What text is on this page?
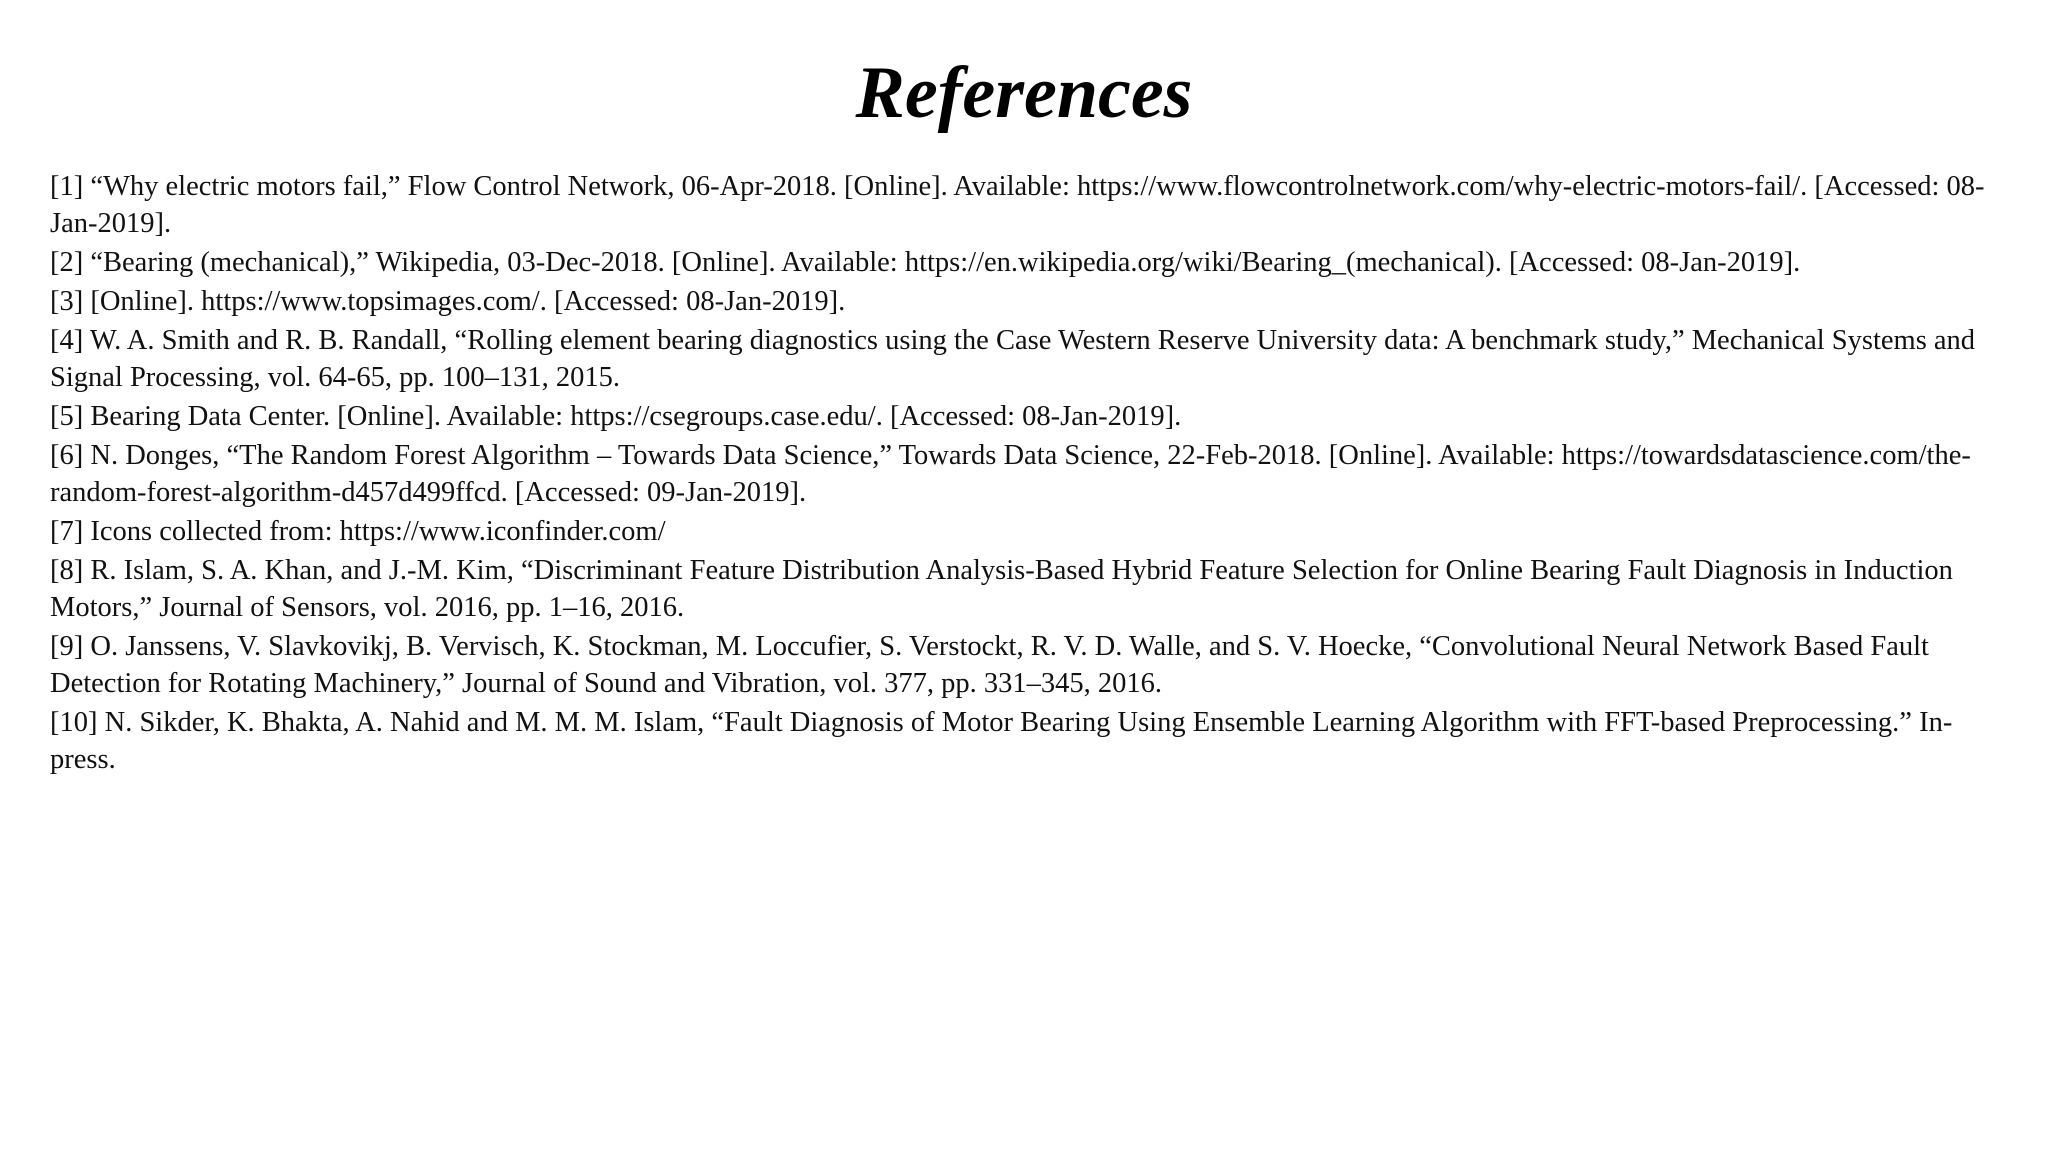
References
[1] “Why electric motors fail,” Flow Control Network, 06-Apr-2018. [Online]. Available: https://www.flowcontrolnetwork.com/why-electric-motors-fail/. [Accessed: 08-Jan-2019].
[2] “Bearing (mechanical),” Wikipedia, 03-Dec-2018. [Online]. Available: https://en.wikipedia.org/wiki/Bearing_(mechanical). [Accessed: 08-Jan-2019].
[3] [Online]. https://www.topsimages.com/. [Accessed: 08-Jan-2019].
[4] W. A. Smith and R. B. Randall, “Rolling element bearing diagnostics using the Case Western Reserve University data: A benchmark study,” Mechanical Systems and Signal Processing, vol. 64-65, pp. 100–131, 2015.
[5] Bearing Data Center. [Online]. Available: https://csegroups.case.edu/. [Accessed: 08-Jan-2019].
[6] N. Donges, “The Random Forest Algorithm – Towards Data Science,” Towards Data Science, 22-Feb-2018. [Online]. Available: https://towardsdatascience.com/the-random-forest-algorithm-d457d499ffcd. [Accessed: 09-Jan-2019].
[7] Icons collected from: https://www.iconfinder.com/
[8] R. Islam, S. A. Khan, and J.-M. Kim, “Discriminant Feature Distribution Analysis-Based Hybrid Feature Selection for Online Bearing Fault Diagnosis in Induction Motors,” Journal of Sensors, vol. 2016, pp. 1–16, 2016.
[9] O. Janssens, V. Slavkovikj, B. Vervisch, K. Stockman, M. Loccufier, S. Verstockt, R. V. D. Walle, and S. V. Hoecke, “Convolutional Neural Network Based Fault Detection for Rotating Machinery,” Journal of Sound and Vibration, vol. 377, pp. 331–345, 2016.
[10] N. Sikder, K. Bhakta, A. Nahid and M. M. M. Islam, “Fault Diagnosis of Motor Bearing Using Ensemble Learning Algorithm with FFT-based Preprocessing.” In-press.
